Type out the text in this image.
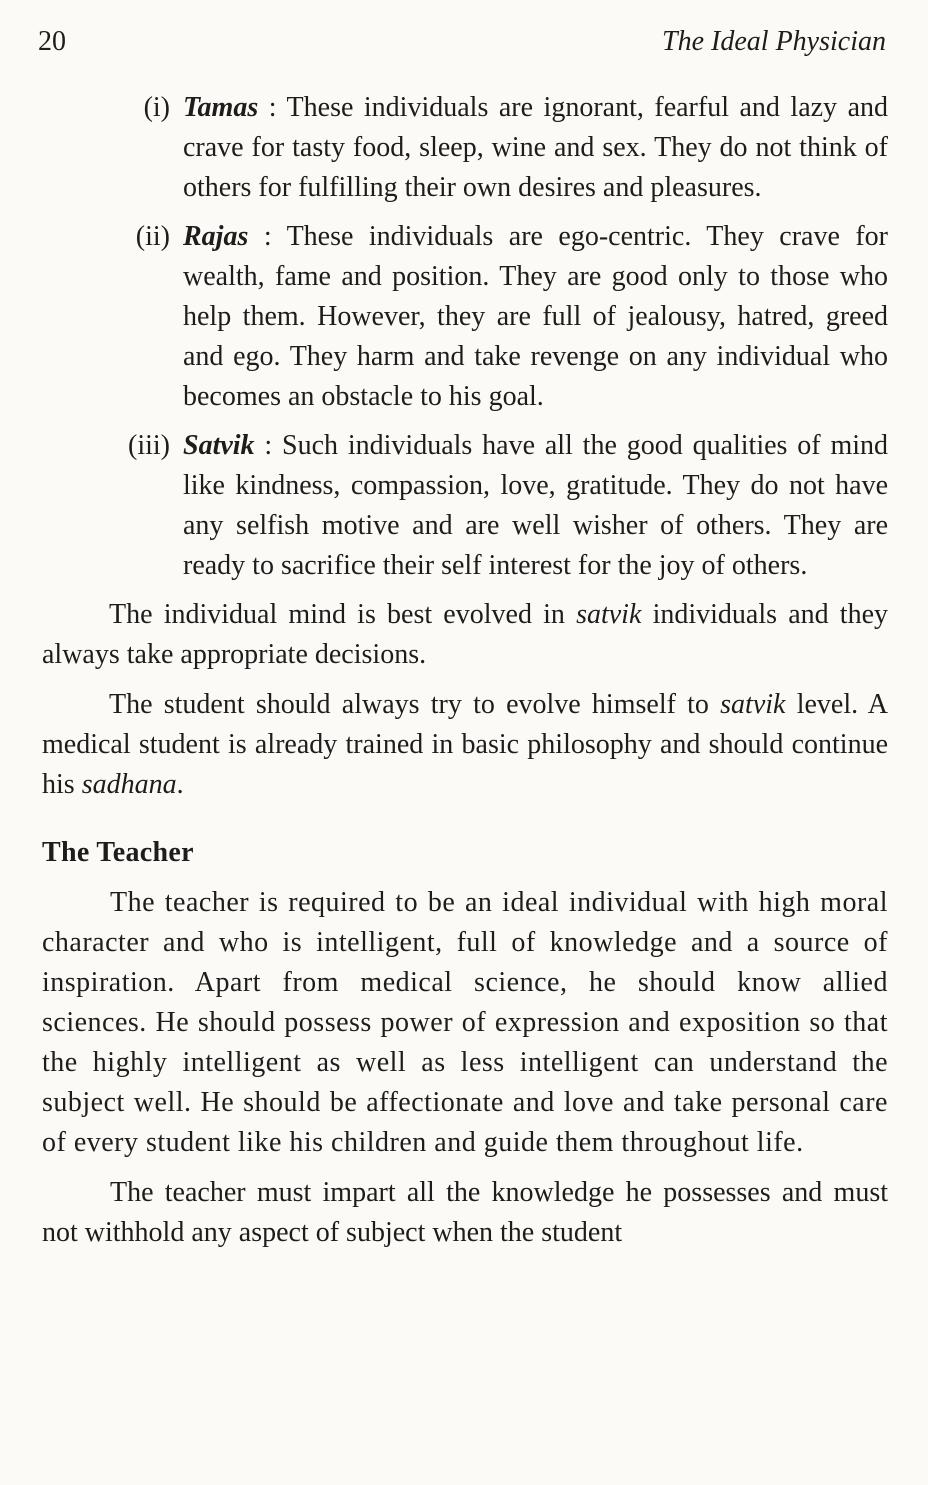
20	The Ideal Physician
(i) Tamas : These individuals are ignorant, fearful and lazy and crave for tasty food, sleep, wine and sex. They do not think of others for fulfilling their own desires and pleasures.
(ii) Rajas : These individuals are ego-centric. They crave for wealth, fame and position. They are good only to those who help them. However, they are full of jealousy, hatred, greed and ego. They harm and take revenge on any individual who becomes an obstacle to his goal.
(iii) Satvik : Such individuals have all the good qualities of mind like kindness, compassion, love, gratitude. They do not have any selfish motive and are well wisher of others. They are ready to sacrifice their self interest for the joy of others.

The individual mind is best evolved in satvik individuals and they always take appropriate decisions.

The student should always try to evolve himself to satvik level. A medical student is already trained in basic philosophy and should continue his sadhana.

The Teacher

The teacher is required to be an ideal individual with high moral character and who is intelligent, full of knowledge and a source of inspiration. Apart from medical science, he should know allied sciences. He should possess power of expression and exposition so that the highly intelligent as well as less intelligent can understand the subject well. He should be affectionate and love and take personal care of every student like his children and guide them throughout life.

The teacher must impart all the knowledge he possesses and must not withhold any aspect of subject when the student
